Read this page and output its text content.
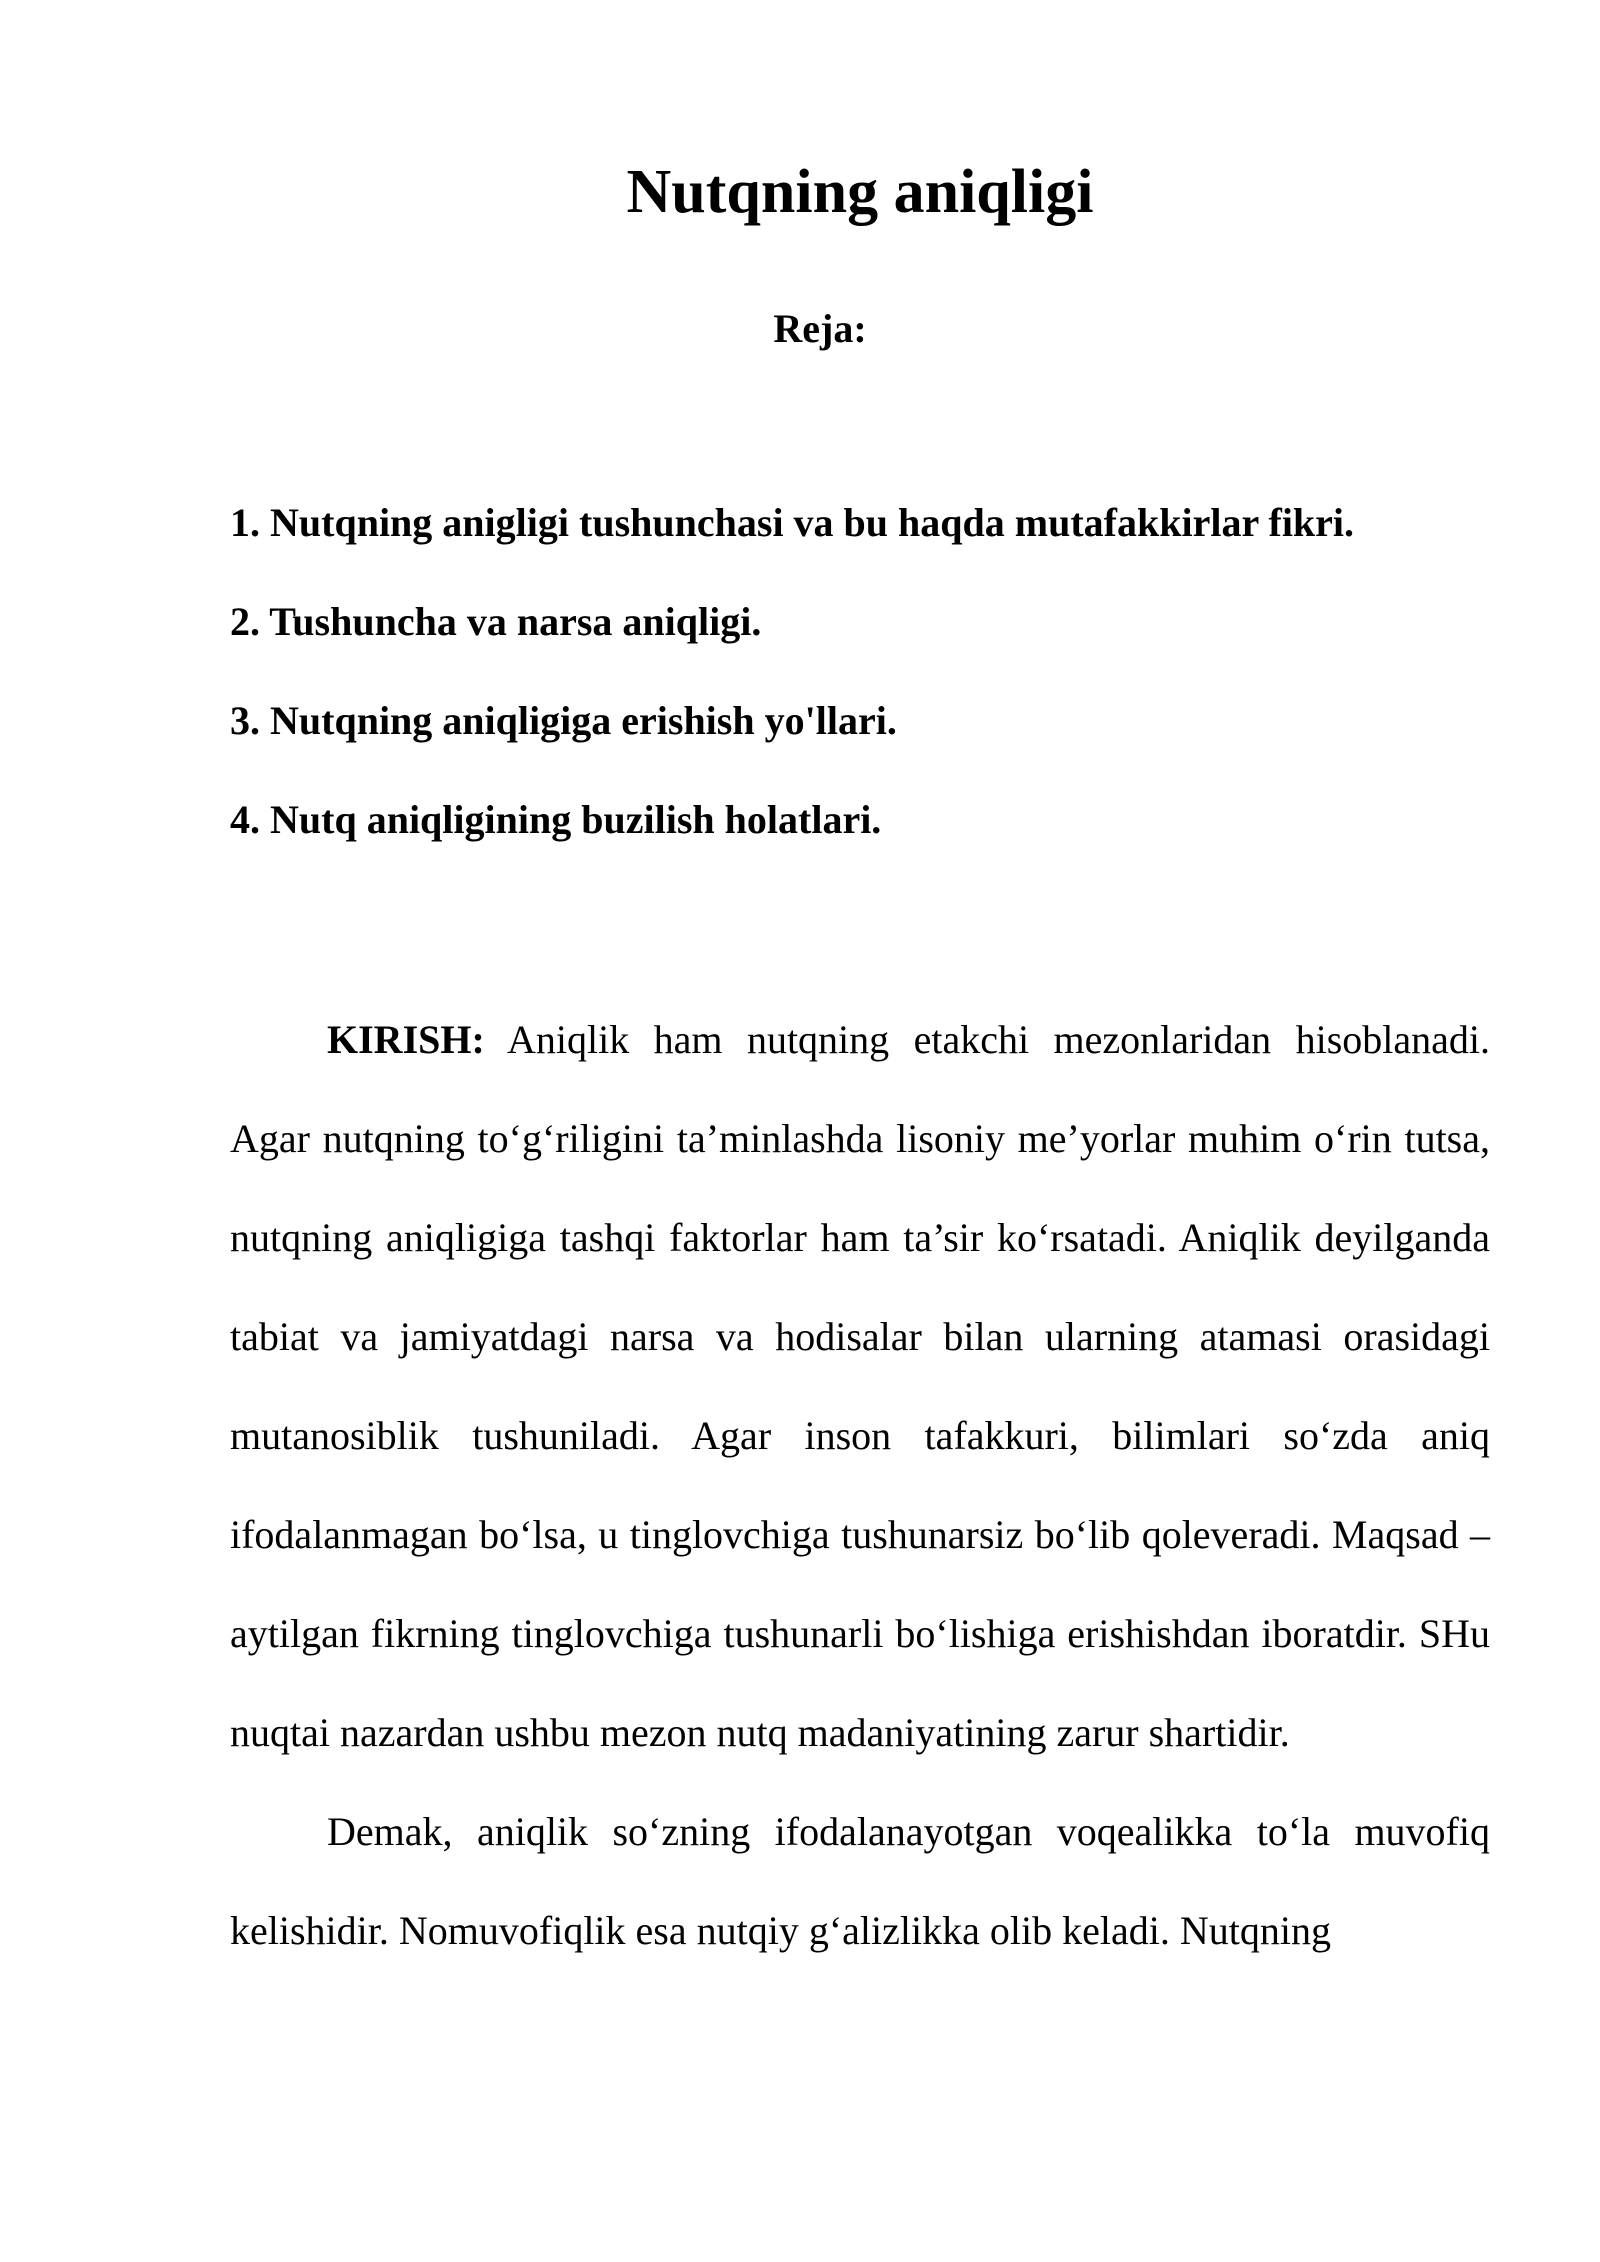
Nutqning aniqligi
Reja:
1. Nutqning anigligi tushunchasi va bu haqda mutafakkirlar fikri.
2. Tushuncha va narsa aniqligi.
3. Nutqning aniqligiga erishish yo'llari.
4. Nutq aniqligining buzilish holatlari.

KIRISH: Aniqlik ham nutqning etakchi mezonlaridan hisoblanadi. Agar nutqning to‘g‘riligini ta’minlashda lisoniy me’yorlar muhim o‘rin tutsa, nutqning aniqligiga tashqi faktorlar ham ta’sir ko‘rsatadi. Aniqlik deyilganda tabiat va jamiyatdagi narsa va hodisalar bilan ularning atamasi orasidagi mutanosiblik tushuniladi. Agar inson tafakkuri, bilimlari so‘zda aniq ifodalanmagan bo‘lsa, u tinglovchiga tushunarsiz bo‘lib qoleveradi. Maqsad – aytilgan fikrning tinglovchiga tushunarli bo‘lishiga erishishdan iboratdir. SHu nuqtai nazardan ushbu mezon nutq madaniyatining zarur shartidir.

Demak, aniqlik so‘zning ifodalanayotgan voqealikka to‘la muvofiq kelishidir. Nomuvofiqlik esa nutqiy g‘alizlikka olib keladi. Nutqning
